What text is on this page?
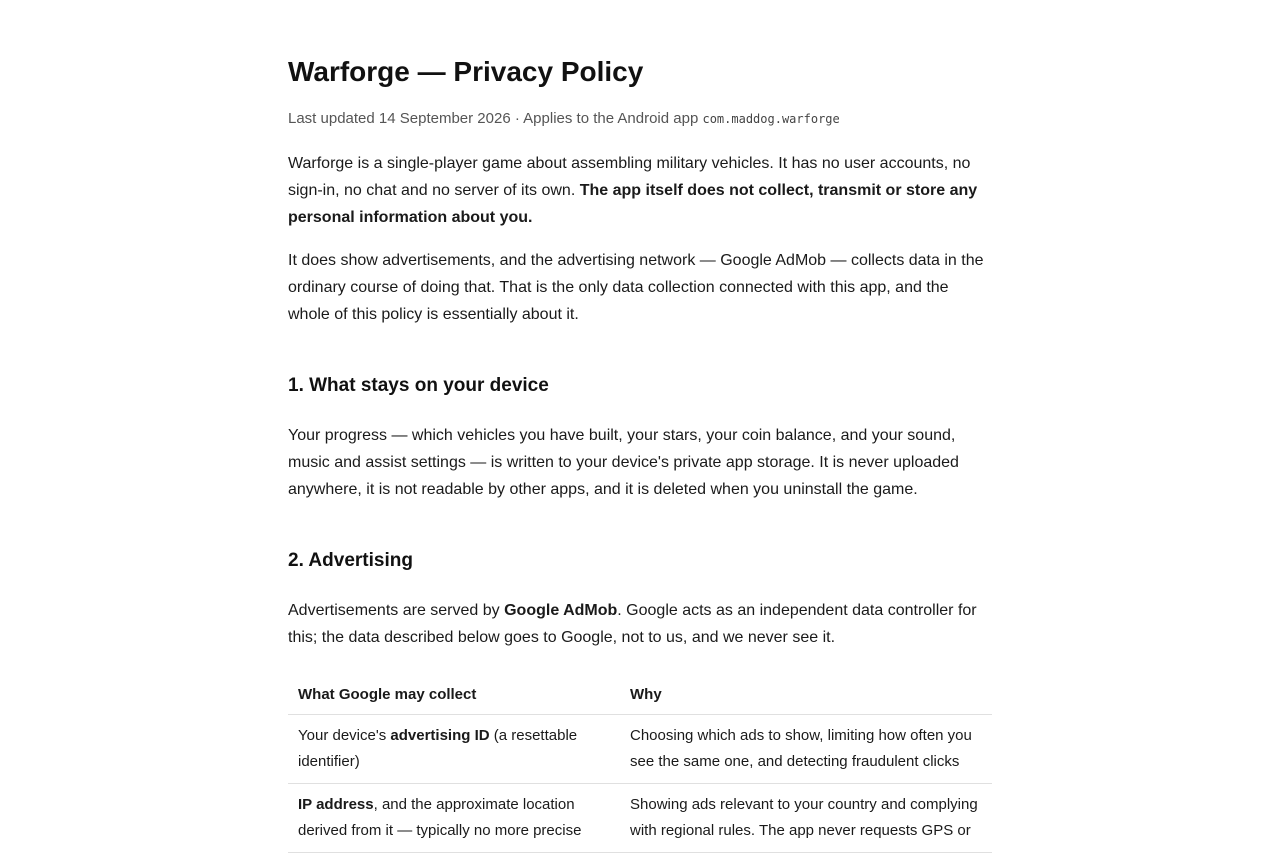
Warforge — Privacy Policy
Last updated 14 September 2026 · Applies to the Android app com.maddog.warforge

Warforge is a single-player game about assembling military vehicles. It has no user accounts, no sign-in, no chat and no server of its own. The app itself does not collect, transmit or store any personal information about you.

It does show advertisements, and the advertising network — Google AdMob — collects data in the ordinary course of doing that. That is the only data collection connected with this app, and the whole of this policy is essentially about it.

1. What stays on your device

Your progress — which vehicles you have built, your stars, your coin balance, and your sound, music and assist settings — is written to your device's private app storage. It is never uploaded anywhere, it is not readable by other apps, and it is deleted when you uninstall the game.

2. Advertising

Advertisements are served by Google AdMob. Google acts as an independent data controller for this; the data described below goes to Google, not to us, and we never see it.

What Google may collect	Why
Your device's advertising ID (a resettable identifier)	Choosing which ads to show, limiting how often you see the same one, and detecting fraudulent clicks
IP address, and the approximate location derived from it — typically no more precise	Showing ads relevant to your country and complying with regional rules. The app never requests GPS or
